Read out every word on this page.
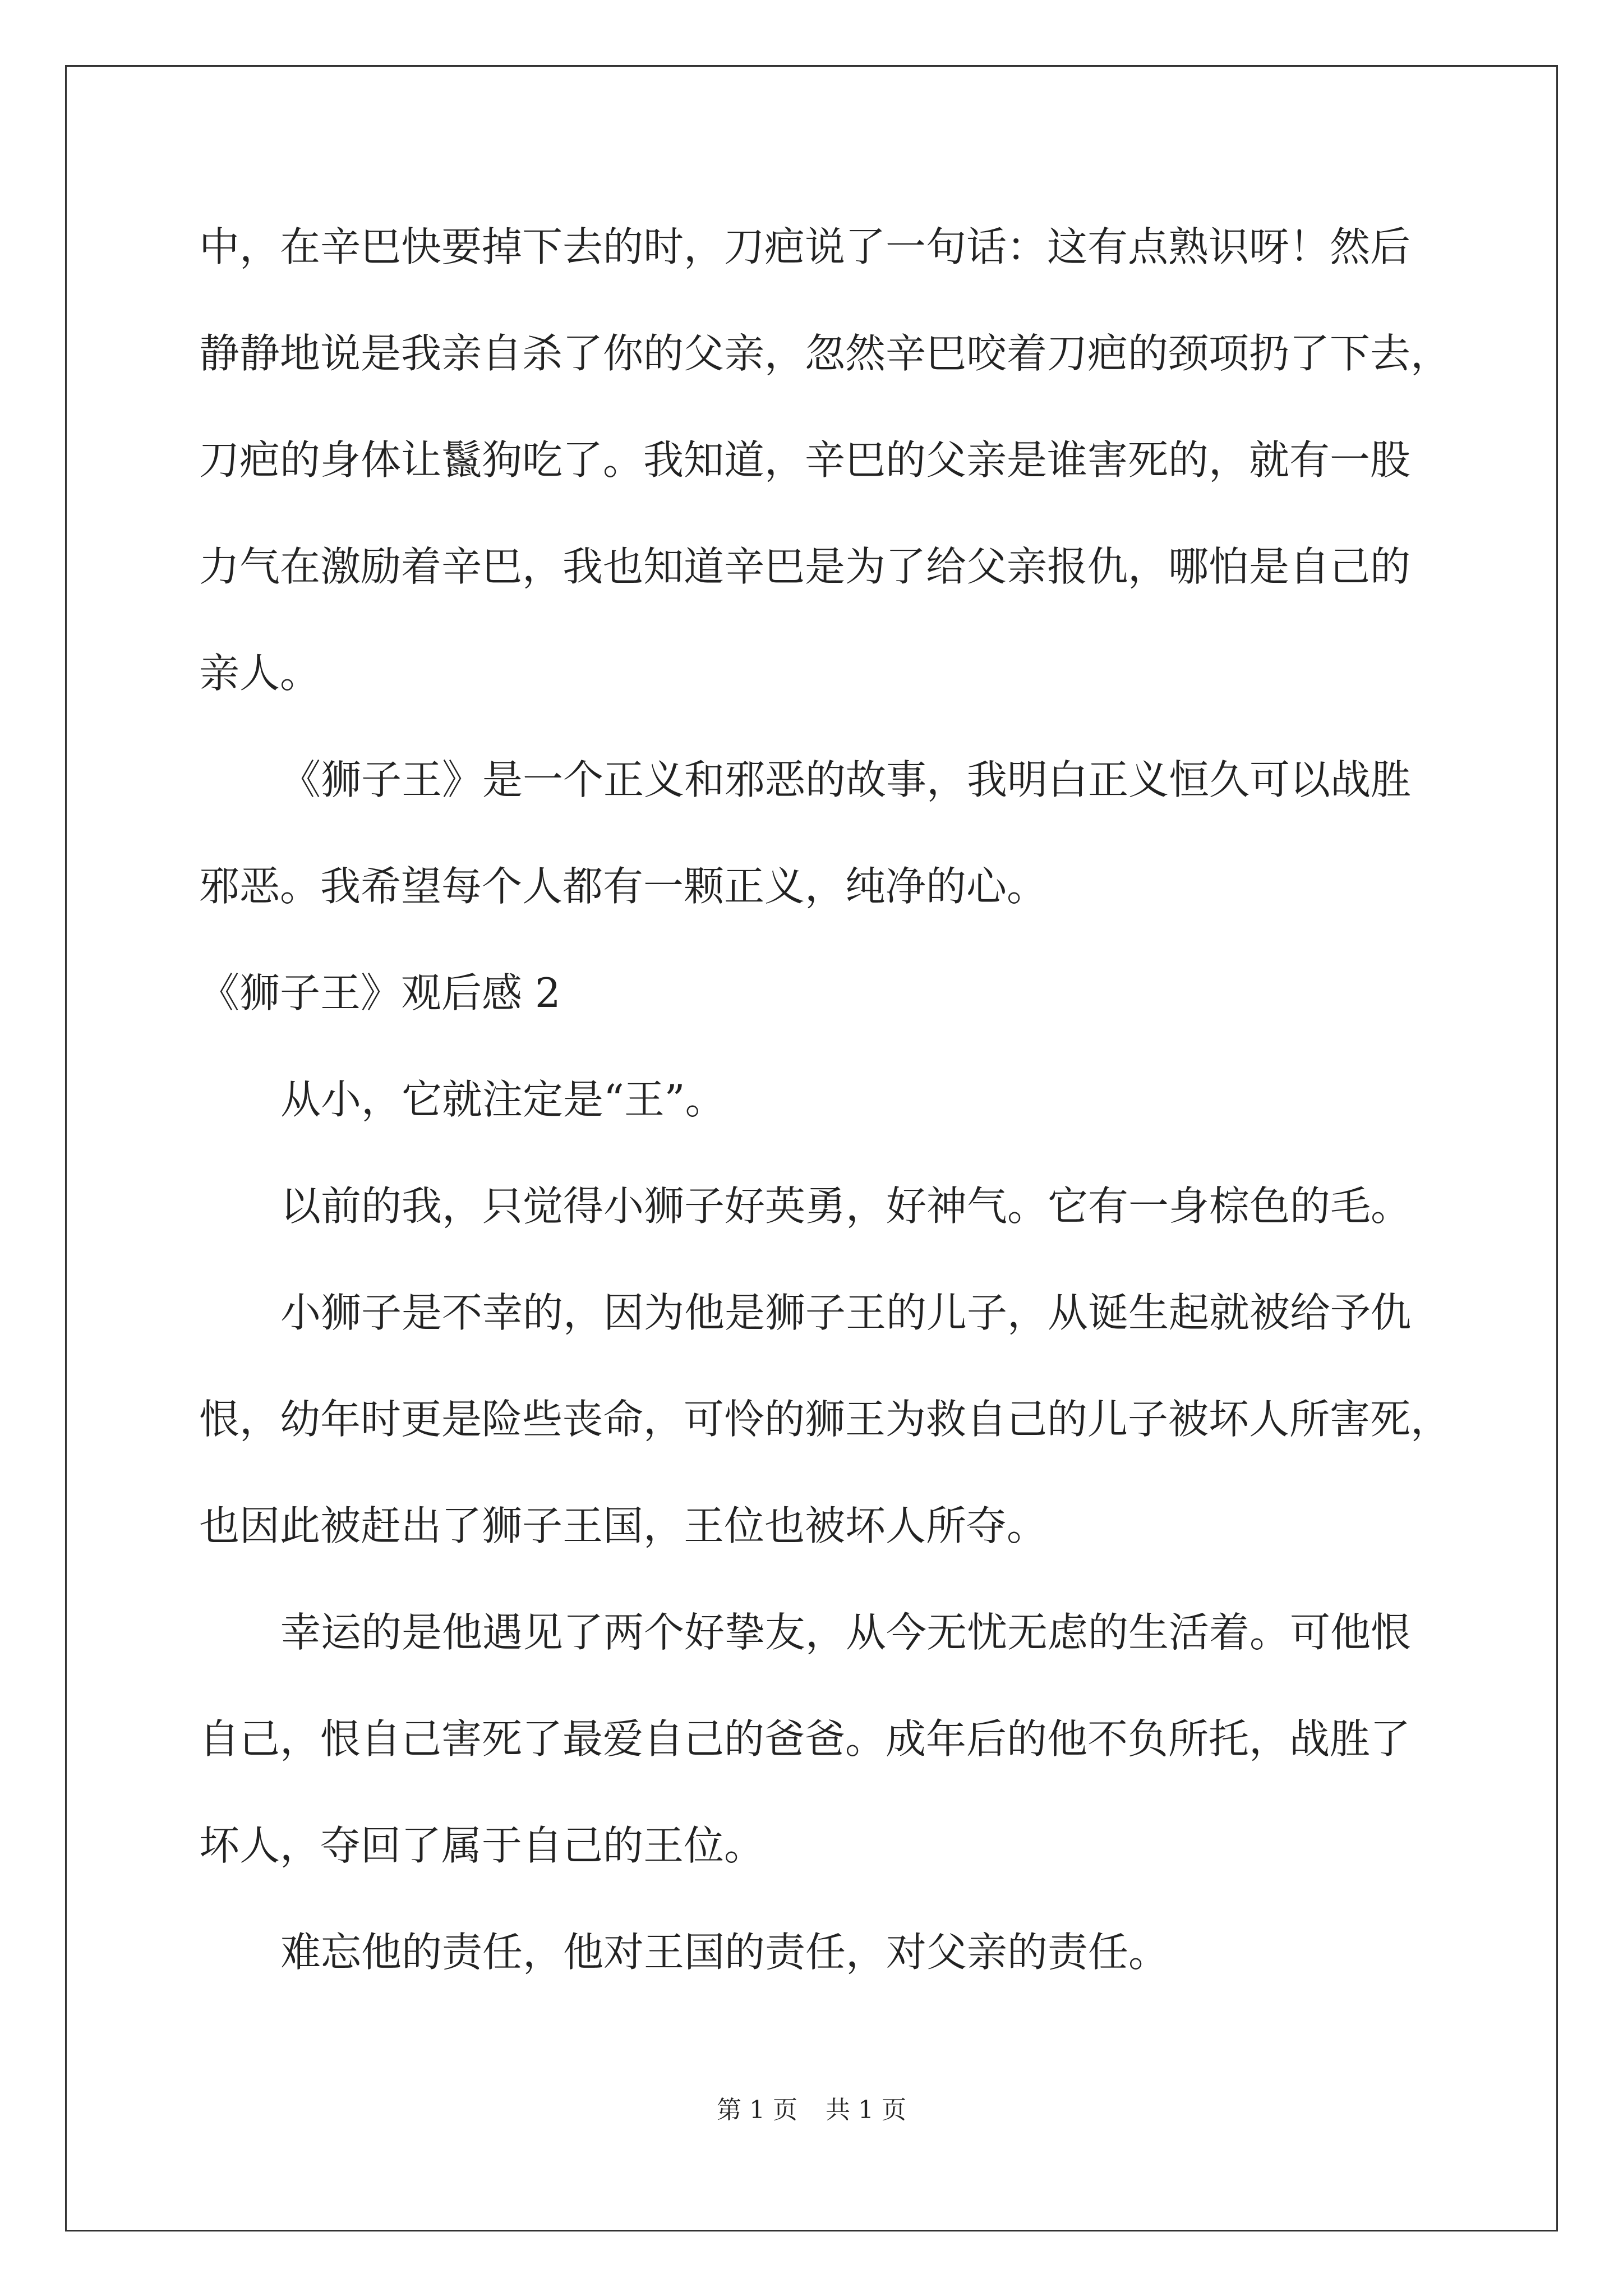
中，在辛巴快要掉下去的时，刀疤说了一句话：这有点熟识呀！然后

静静地说是我亲自杀了你的父亲，忽然辛巴咬着刀疤的颈项扔了下去，

刀疤的身体让鬣狗吃了。我知道，辛巴的父亲是谁害死的，就有一股

力气在激励着辛巴，我也知道辛巴是为了给父亲报仇，哪怕是自己的

亲人。

《狮子王》是一个正义和邪恶的故事，我明白正义恒久可以战胜

邪恶。我希望每个人都有一颗正义，纯净的心。

《狮子王》观后感 2

从小，它就注定是“王”。

以前的我，只觉得小狮子好英勇，好神气。它有一身棕色的毛。

小狮子是不幸的，因为他是狮子王的儿子，从诞生起就被给予仇

恨，幼年时更是险些丧命，可怜的狮王为救自己的儿子被坏人所害死，

也因此被赶出了狮子王国，王位也被坏人所夺。

幸运的是他遇见了两个好挚友，从今无忧无虑的生活着。可他恨

自己，恨自己害死了最爱自己的爸爸。成年后的他不负所托，战胜了

坏人，夺回了属于自己的王位。

难忘他的责任，他对王国的责任，对父亲的责任。

第 1 页 共 1 页
